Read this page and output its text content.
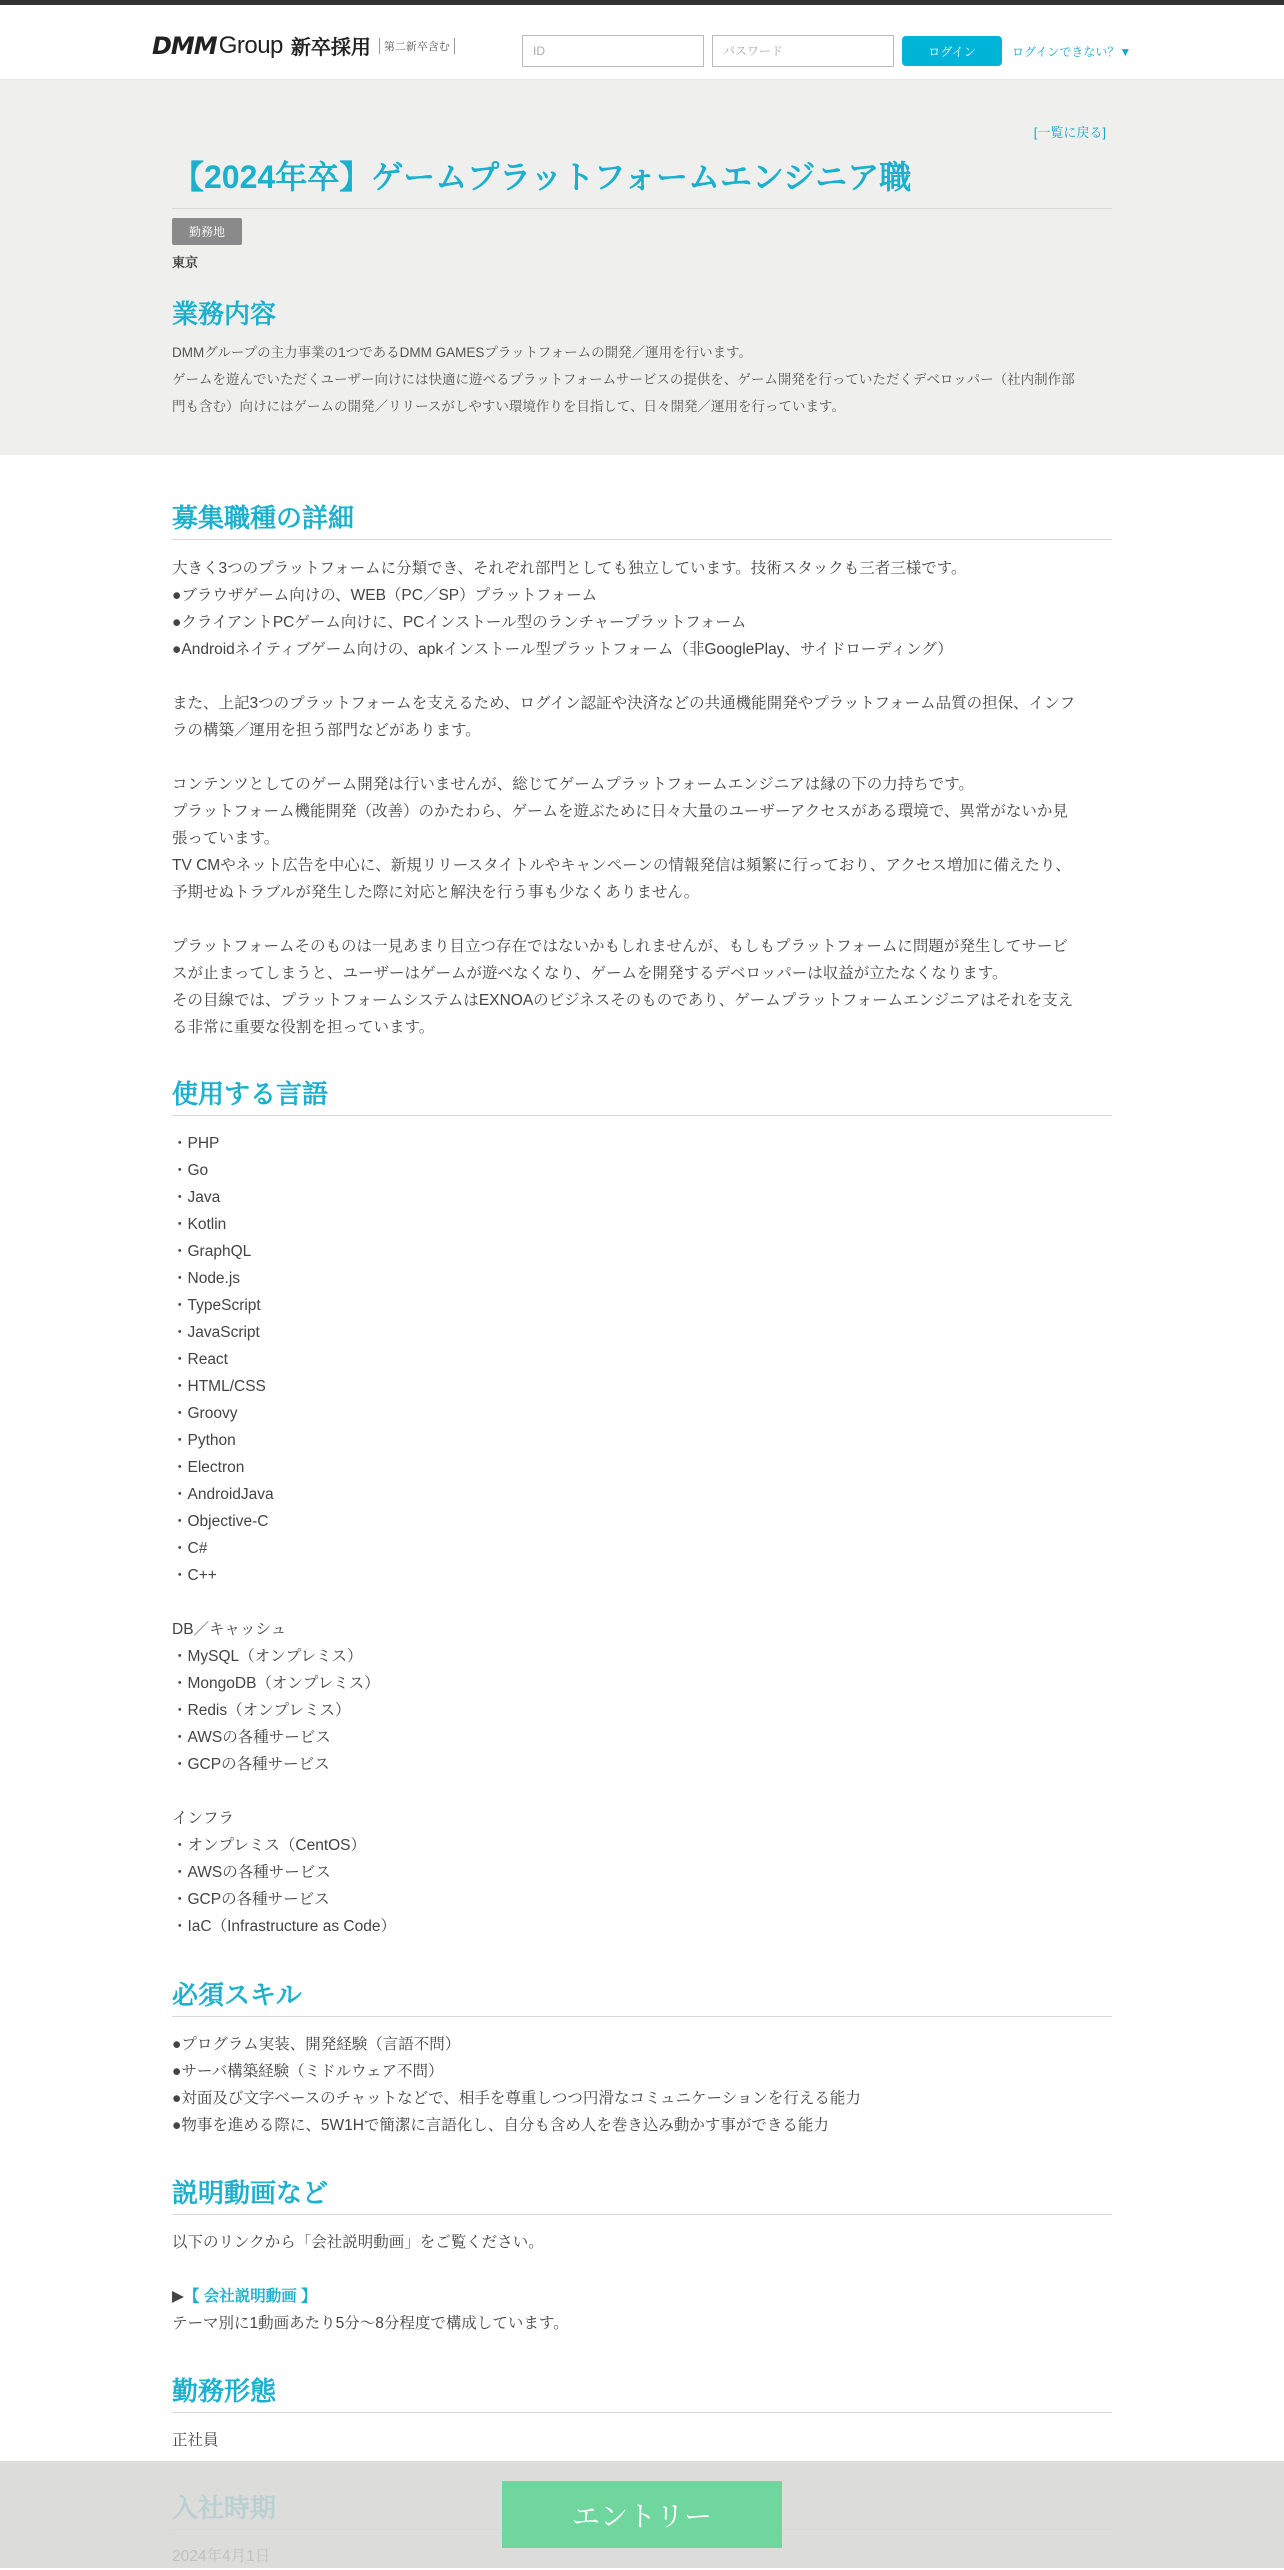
DMM Group 新卒採用	第二新卒含む
ID	ログイン	ログインできない？▼
[一覧に戻る]
【2024年卒】ゲームプラットフォームエンジニア職
勤務地
東京
業務内容
DMMグループの主力事業の1つであるDMM GAMESプラットフォームの開発／運用を行います。
ゲームを遊んでいただくユーザー向けには快適に遊べるプラットフォームサービスの提供を、ゲーム開発を行っていただくデベロッパー（社内制作部
門も含む）向けにはゲームの開発／リリースがしやすい環境作りを目指して、日々開発／運用を行っています。
募集職種の詳細
大きく3つのプラットフォームに分類でき、それぞれ部門としても独立しています。技術スタックも三者三様です。
●ブラウザゲーム向けの、WEB（PC／SP）プラットフォーム
●クライアントPCゲーム向けに、PCインストール型のランチャープラットフォーム
●Androidネイティブゲーム向けの、apkインストール型プラットフォーム（非GooglePlay、サイドローディング）
また、上記3つのプラットフォームを支えるため、ログイン認証や決済などの共通機能開発やプラットフォーム品質の担保、インフ
ラの構築／運用を担う部門などがあります。
コンテンツとしてのゲーム開発は行いませんが、総じてゲームプラットフォームエンジニアは縁の下の力持ちです。
プラットフォーム機能開発（改善）のかたわら、ゲームを遊ぶために日々大量のユーザーアクセスがある環境で、異常がないか見
張っています。
TV CMやネット広告を中心に、新規リリースタイトルやキャンペーンの情報発信は頻繁に行っており、アクセス増加に備えたり、
予期せぬトラブルが発生した際に対応と解決を行う事も少なくありません。
プラットフォームそのものは一見あまり目立つ存在ではないかもしれませんが、もしもプラットフォームに問題が発生してサービ
スが止まってしまうと、ユーザーはゲームが遊べなくなり、ゲームを開発するデベロッパーは収益が立たなくなります。
その目線では、プラットフォームシステムはEXNOAのビジネスそのものであり、ゲームプラットフォームエンジニアはそれを支え
る非常に重要な役割を担っています。
使用する言語
・PHP
・Go
・Java
・Kotlin
・GraphQL
・Node.js
・TypeScript
・JavaScript
・React
・HTML/CSS
・Groovy
・Python
・Electron
・AndroidJava
・Objective-C
・C#
・C++
DB／キャッシュ
・MySQL（オンプレミス）
・MongoDB（オンプレミス）
・Redis（オンプレミス）
・AWSの各種サービス
・GCPの各種サービス
インフラ
・オンプレミス（CentOS）
・AWSの各種サービス
・GCPの各種サービス
・IaC（Infrastructure as Code）
必須スキル
●プログラム実装、開発経験（言語不問）
●サーバ構築経験（ミドルウェア不問）
●対面及び文字ベースのチャットなどで、相手を尊重しつつ円滑なコミュニケーションを行える能力
●物事を進める際に、5W1Hで簡潔に言語化し、自分も含め人を巻き込み動かす事ができる能力
説明動画など
以下のリンクから「会社説明動画」をご覧ください。
▶【 会社説明動画 】
テーマ別に1動画あたり5分～8分程度で構成しています。
勤務形態
正社員
エントリー
